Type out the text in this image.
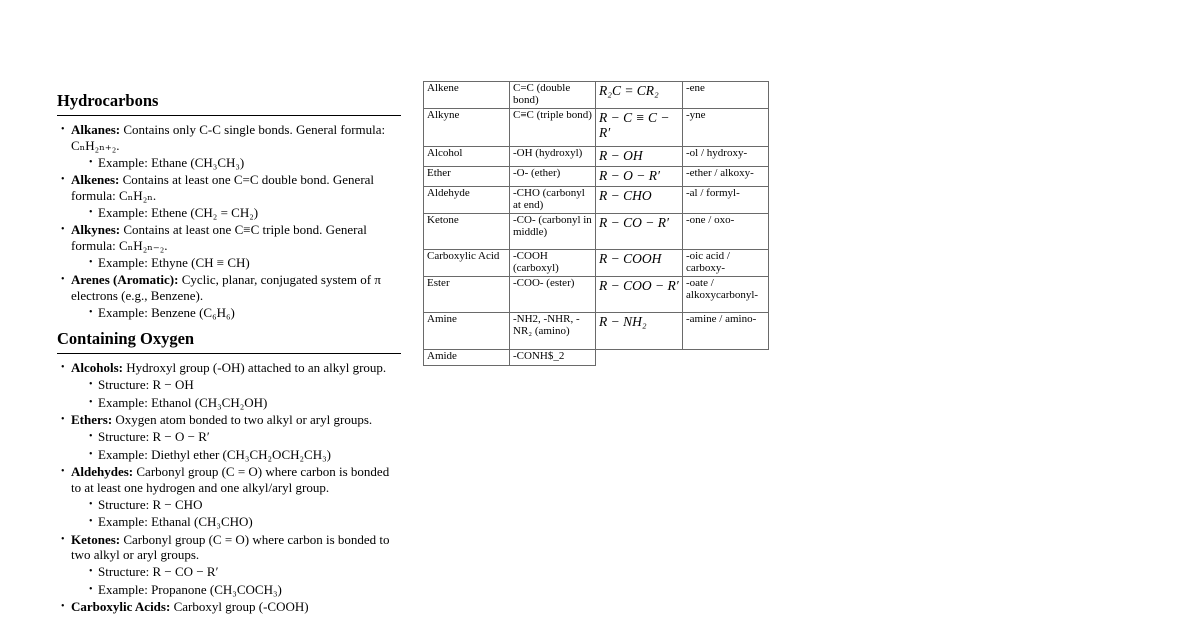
Hydrocarbons
• Alkanes: Contains only C-C single bonds. General formula: CₙH₂ₙ₊₂.
• Example: Ethane (CH₃CH₃)
• Alkenes: Contains at least one C=C double bond. General formula: CₙH₂ₙ.
• Example: Ethene (CH₂ = CH₂)
• Alkynes: Contains at least one C≡C triple bond. General formula: CₙH₂ₙ₋₂.
• Example: Ethyne (CH ≡ CH)
• Arenes (Aromatic): Cyclic, planar, conjugated system of π electrons (e.g., Benzene).
• Example: Benzene (C₆H₆)
Containing Oxygen
• Alcohols: Hydroxyl group (-OH) attached to an alkyl group.
• Structure: R − OH
• Example: Ethanol (CH₃CH₂OH)
• Ethers: Oxygen atom bonded to two alkyl or aryl groups.
• Structure: R − O − R′
• Example: Diethyl ether (CH₃CH₂OCH₂CH₃)
• Aldehydes: Carbonyl group (C = O) where carbon is bonded to at least one hydrogen and one alkyl/aryl group.
• Structure: R − CHO
• Example: Ethanal (CH₃CHO)
• Ketones: Carbonyl group (C = O) where carbon is bonded to two alkyl or aryl groups.
• Structure: R − CO − R′
• Example: Propanone (CH₃COCH₃)
• Carboxylic Acids: Carboxyl group (-COOH)
Alkene	C=C (double bond)	R₂C = CR₂	-ene
Alkyne	C≡C (triple bond)	R − C ≡ C − R′	-yne
Alcohol	-OH (hydroxyl)	R − OH	-ol / hydroxy-
Ether	-O- (ether)	R − O − R′	-ether / alkoxy-
Aldehyde	-CHO (carbonyl at end)	R − CHO	-al / formyl-
Ketone	-CO- (carbonyl in middle)	R − CO − R′	-one / oxo-
Carboxylic Acid	-COOH (carboxyl)	R − COOH	-oic acid / carboxy-
Ester	-COO- (ester)	R − COO − R′	-oate / alkoxycarbonyl-
Amine	-NH2, -NHR, -NR₂ (amino)	R − NH₂	-amine / amino-
Amide	-CONH$_2		
